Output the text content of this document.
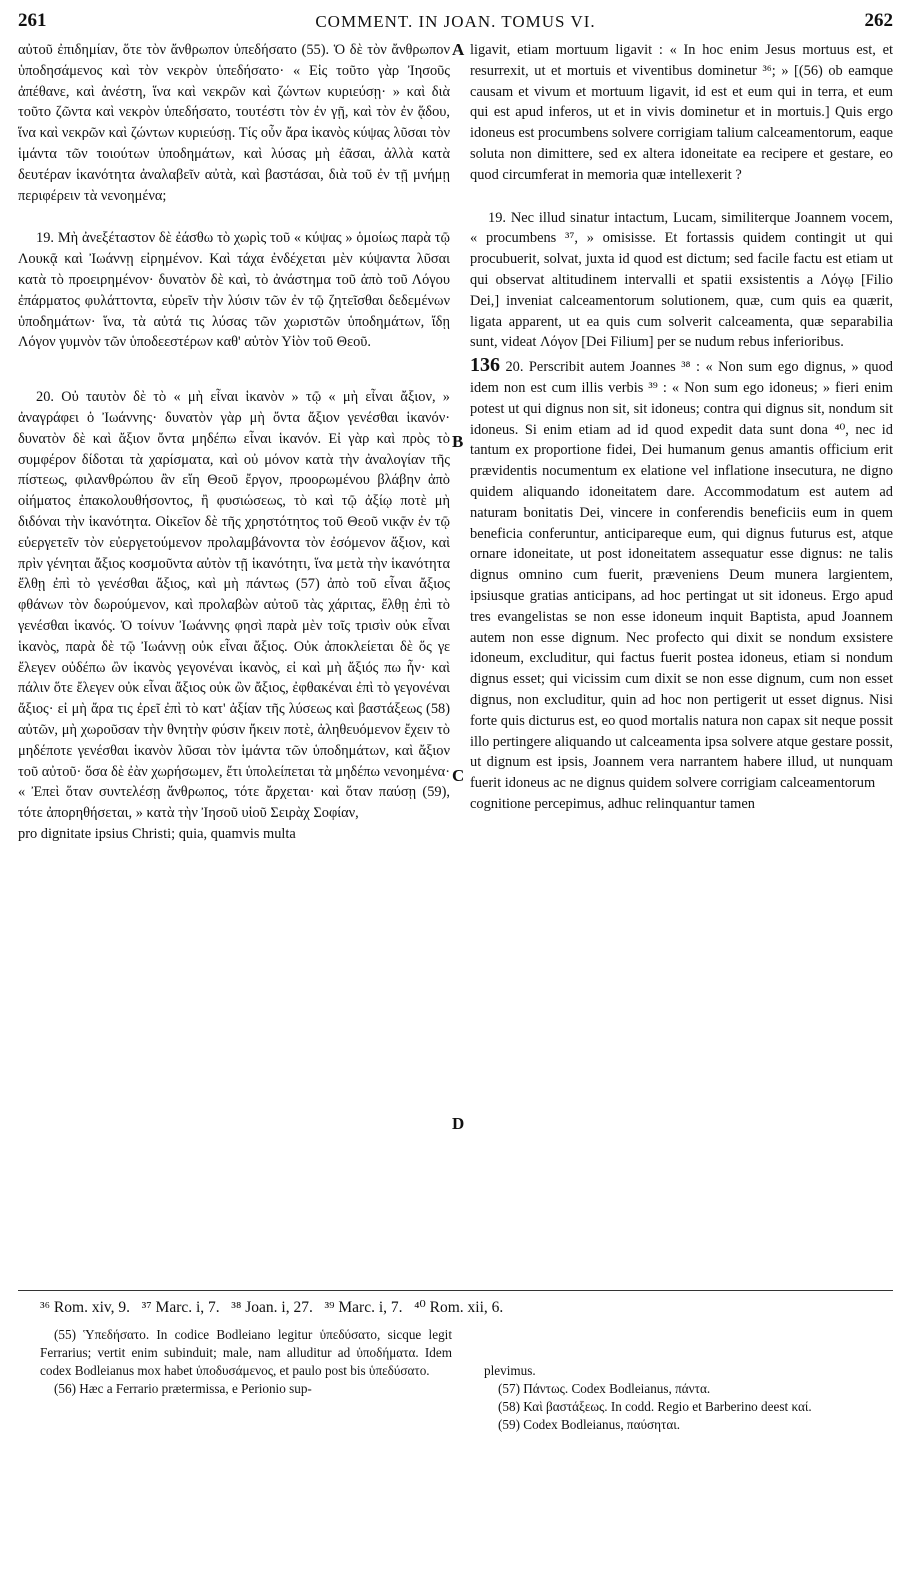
261	COMMENT. IN JOAN. TOMUS VI.	262

αὐτοῦ ἐπιδημίαν, ὅτε τὸν ἄνθρωπον ὑπεδήσατο (55). Ὁ δὲ τὸν ἄνθρωπον ὑποδησάμενος καὶ τὸν νεκρὸν ὑπεδήσατο· « Εἰς τοῦτο γὰρ Ἰησοῦς ἀπέθανε, καὶ ἀνέστη, ἵνα καὶ νεκρῶν καὶ ζώντων κυριεύσῃ· » καὶ διὰ τοῦτο ζῶντα καὶ νεκρὸν ὑπεδήσατο, τουτέστι τὸν ἐν γῇ, καὶ τὸν ἐν ᾅδου, ἵνα καὶ νεκρῶν καὶ ζώντων κυριεύσῃ. Τίς οὖν ἄρα ἱκανὸς κύψας λῦσαι τὸν ἱμάντα τῶν τοιούτων ὑποδημάτων, καὶ λύσας μὴ ἐᾶσαι, ἀλλὰ κατὰ δευτέραν ἱκανότητα ἀναλαβεῖν αὐτὰ, καὶ βαστάσαι, διὰ τοῦ ἐν τῇ μνήμῃ περιφέρειν τὰ νενοημένα;

19. Μὴ ἀνεξέταστον δὲ ἐάσθω τὸ χωρὶς τοῦ « κύψας » ὁμοίως παρὰ τῷ Λουκᾷ καὶ Ἰωάννῃ εἰρημένον. Καὶ τάχα ἐνδέχεται μὲν κύψαντα λῦσαι κατὰ τὸ προειρημένον· δυνατὸν δὲ καὶ, τὸ ἀνάστημα τοῦ ἀπὸ τοῦ Λόγου ἐπάρματος φυλάττοντα, εὑρεῖν τὴν λύσιν τῶν ἐν τῷ ζητεῖσθαι δεδεμένων ὑποδημάτων· ἵνα, τὰ αὐτά τις λύσας τῶν χωριστῶν ὑποδημάτων, ἴδῃ Λόγον γυμνὸν τῶν ὑποδεεστέρων καθ' αὑτὸν Υἱὸν τοῦ Θεοῦ.

20. Οὐ ταυτὸν δὲ τὸ « μὴ εἶναι ἱκανὸν » τῷ « μὴ εἶναι ἄξιον, » ἀναγράφει ὁ Ἰωάννης· δυνατὸν γὰρ μὴ ὄντα ἄξιον γενέσθαι ἱκανόν· δυνατὸν δὲ καὶ ἄξιον ὄντα μηδέπω εἶναι ἱκανόν. Εἰ γὰρ καὶ πρὸς τὸ συμφέρον δίδοται τὰ χαρίσματα, καὶ οὐ μόνον κατὰ τὴν ἀναλογίαν τῆς πίστεως, φιλανθρώπου ἂν εἴη Θεοῦ ἔργον, προορωμένου βλάβην ἀπὸ οἰήματος ἐπακολουθήσοντος, ἢ φυσιώσεως, τὸ καὶ τῷ ἀξίῳ ποτὲ μὴ διδόναι τὴν ἱκανότητα. Οἰκεῖον δὲ τῆς χρηστότητος τοῦ Θεοῦ νικᾷν ἐν τῷ εὐεργετεῖν τὸν εὐεργετούμενον προλαμβάνοντα τὸν ἐσόμενον ἄξιον, καὶ πρὶν γένηται ἄξιος κοσμοῦντα αὐτὸν τῇ ἱκανότητι, ἵνα μετὰ τὴν ἱκανότητα ἔλθῃ ἐπὶ τὸ γενέσθαι ἄξιος, καὶ μὴ πάντως (57) ἀπὸ τοῦ εἶναι ἄξιος φθάνων τὸν δωρούμενον, καὶ προλαβὼν αὐτοῦ τὰς χάριτας, ἔλθῃ ἐπὶ τὸ γενέσθαι ἱκανός. Ὁ τοίνυν Ἰωάννης φησὶ παρὰ μὲν τοῖς τρισὶν οὐκ εἶναι ἱκανὸς, παρὰ δὲ τῷ Ἰωάννῃ οὐκ εἶναι ἄξιος. Οὐκ ἀποκλείεται δὲ ὅς γε ἔλεγεν οὐδέπω ὢν ἱκανὸς γεγονέναι ἱκανὸς, εἰ καὶ μὴ ἄξιός πω ἦν· καὶ πάλιν ὅτε ἔλεγεν οὐκ εἶναι ἄξιος οὐκ ὢν ἄξιος, ἐφθακέναι ἐπὶ τὸ γεγονέναι ἄξιος· εἰ μὴ ἄρα τις ἐρεῖ ἐπὶ τὸ κατ' ἀξίαν τῆς λύσεως καὶ βαστάξεως (58) αὐτῶν, μὴ χωροῦσαν τὴν θνητὴν φύσιν ἤκειν ποτὲ, ἀληθευόμενον ἔχειν τὸ μηδέποτε γενέσθαι ἱκανὸν λῦσαι τὸν ἱμάντα τῶν ὑποδημάτων, καὶ ἄξιον τοῦ αὐτοῦ· ὅσα δὲ ἐὰν χωρήσωμεν, ἔτι ὑπολείπεται τὰ μηδέπω νενοημένα· « Ἐπεὶ ὅταν συντελέσῃ ἄνθρωπος, τότε ἄρχεται· καὶ ὅταν παύσῃ (59), τότε ἀπορηθήσεται, » κατὰ τὴν Ἰησοῦ υἱοῦ Σειρὰχ Σοφίαν,

pro dignitate ipsius Christi; quia, quamvis multa

A
B
C
D

ligavit, etiam mortuum ligavit : « In hoc enim Jesus mortuus est, et resurrexit, ut et mortuis et viventibus dominetur ³⁶; » [(56) ob eamque causam et vivum et mortuum ligavit, id est et eum qui in terra, et eum qui est apud inferos, ut et in vivis dominetur et in mortuis.] Quis ergo idoneus est procumbens solvere corrigiam talium calceamentorum, eaque soluta non dimittere, sed ex altera idoneitate ea recipere et gestare, eo quod circumferat in memoria quæ intellexerit ?

19. Nec illud sinatur intactum, Lucam, similiterque Joannem vocem, « procumbens ³⁷, » omisisse. Et fortassis quidem contingit ut qui procubuerit, solvat, juxta id quod est dictum; sed facile factu est etiam ut qui observat altitudinem intervalli et spatii exsistentis a Λόγῳ [Filio Dei,] inveniat calceamentorum solutionem, quæ, cum quis ea quærit, ligata apparent, ut ea quis cum solverit calceamenta, quæ separabilia sunt, videat Λόγον [Dei Filium] per se nudum rebus inferioribus.

136 20. Perscribit autem Joannes ³⁸ : « Non sum ego dignus, » quod idem non est cum illis verbis ³⁹ : « Non sum ego idoneus; » fieri enim potest ut qui dignus non sit, sit idoneus; contra qui dignus sit, nondum sit idoneus. Si enim etiam ad id quod expedit data sunt dona ⁴⁰, nec id tantum ex proportione fidei, Dei humanum genus amantis officium erit prævidentis nocumentum ex elatione vel inflatione insecutura, ne digno quidem aliquando idoneitatem dare. Accommodatum est autem ad naturam bonitatis Dei, vincere in conferendis beneficiis eum in quem beneficia conferuntur, anticipareque eum, qui dignus futurus est, atque ornare idoneitate, ut post idoneitatem assequatur esse dignus: ne talis dignus omnino cum fuerit, præveniens Deum munera largientem, ipsiusque gratias anticipans, ad hoc pertingat ut sit idoneus. Ergo apud tres evangelistas se non esse idoneum inquit Baptista, apud Joannem autem non esse dignum. Nec profecto qui dixit se nondum exsistere idoneum, excluditur, qui factus fuerit postea idoneus, etiam si nondum dignus esset; qui vicissim cum dixit se non esse dignum, cum non esset dignus, non excluditur, quin ad hoc non pertigerit ut esset dignus. Nisi forte quis dicturus est, eo quod mortalis natura non capax sit neque possit illo pertingere aliquando ut calceamenta ipsa solvere atque gestare possit, ut dignum est ipsis, Joannem vera narrantem habere illud, ut nunquam fuerit idoneus ac ne dignus quidem solvere corrigiam calceamentorum

cognitione percepimus, adhuc relinquantur tamen

³⁶ Rom. xiv, 9.   ³⁷ Marc. i, 7.   ³⁸ Joan. i, 27.   ³⁹ Marc. i, 7.   ⁴⁰ Rom. xii, 6.

(55) Ὑπεδήσατο. In codice Bodleiano legitur ὑπεδύσατο, sicque legit Ferrarius; vertit enim subinduit; male, nam alluditur ad ὑποδήματα. Idem codex Bodleianus mox habet ὑποδυσάμενος, et paulo post bis ὑπεδύσατο.

(56) Hæc a Ferrario prætermissa, e Perionio sup-

plevimus.

(57) Πάντως. Codex Bodleianus, πάντα.

(58) Καὶ βαστάξεως. In codd. Regio et Barberino deest καί.

(59) Codex Bodleianus, παύσηται.
